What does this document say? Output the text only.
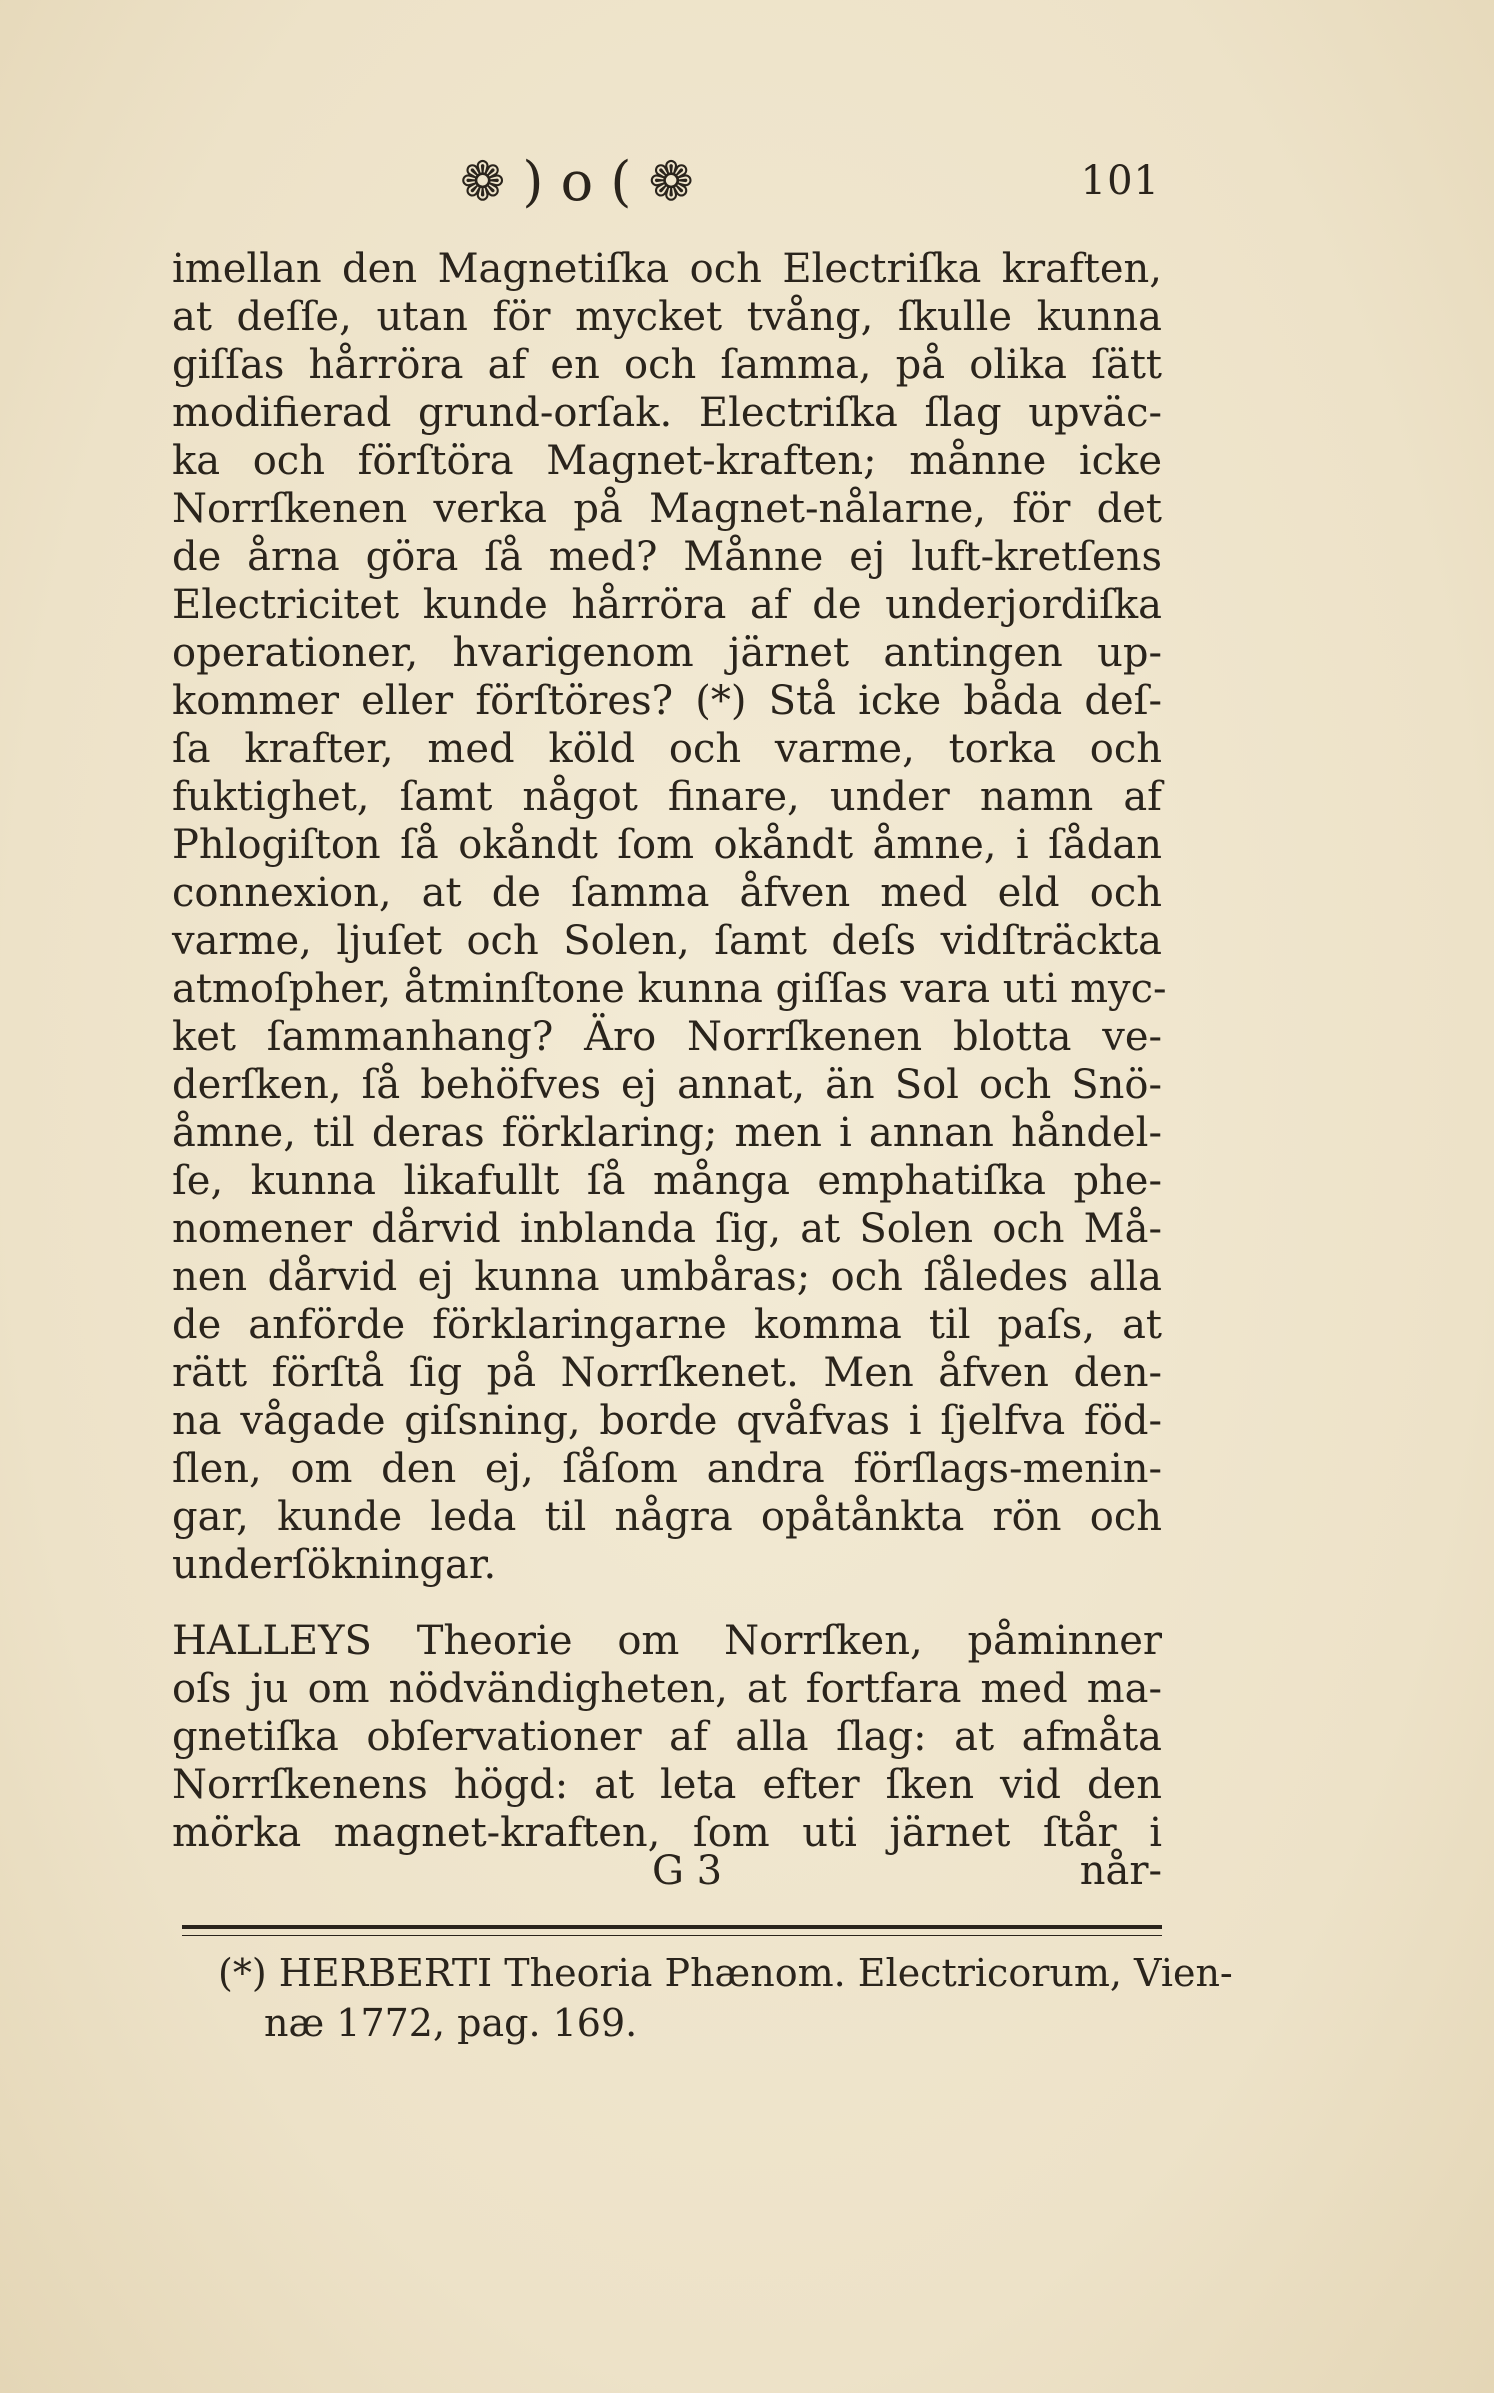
❁ ) o ( ❁	101
imellan den Magnetiſka och Electriſka kraften,
at deſſe, utan för mycket tvång, ſkulle kunna
giſſas hårröra af en och ſamma, på olika ſätt
modifierad grund-orſak. Electriſka ſlag upväc-
ka och förſtöra Magnet-kraften; månne icke
Norrſkenen verka på Magnet-nålarne, för det
de årna göra ſå med? Månne ej luft-kretſens
Electricitet kunde hårröra af de underjordiſka
operationer, hvarigenom järnet antingen up-
kommer eller förſtöres? (*) Stå icke båda deſ-
ſa krafter, med köld och varme, torka och
fuktighet, ſamt något finare, under namn af
Phlogiſton ſå okåndt ſom okåndt åmne, i ſådan
connexion, at de ſamma åfven med eld och
varme, ljuſet och Solen, ſamt deſs vidſträckta
atmoſpher, åtminſtone kunna giſſas vara uti myc-
ket ſammanhang? Äro Norrſkenen blotta ve-
derſken, ſå behöfves ej annat, än Sol och Snö-
åmne, til deras förklaring; men i annan håndel-
ſe, kunna likafullt ſå många emphatiſka phe-
nomener dårvid inblanda ſig, at Solen och Må-
nen dårvid ej kunna umbåras; och ſåledes alla
de anförde förklaringarne komma til paſs, at
rätt förſtå ſig på Norrſkenet. Men åfven den-
na vågade giſsning, borde qvåfvas i ſjelfva föd-
ſlen, om den ej, ſåſom andra förſlags-menin-
gar, kunde leda til några opåtånkta rön och
underſökningar.
HALLEYS Theorie om Norrſken, påminner
oſs ju om nödvändigheten, at fortfara med ma-
gnetiſka obſervationer af alla ſlag: at afmåta
Norrſkenens högd: at leta efter ſken vid den
mörka magnet-kraften, ſom uti järnet ſtår i
G 3	når-
(*) HERBERTI Theoria Phænom. Electricorum, Vien-
næ 1772, pag. 169.
